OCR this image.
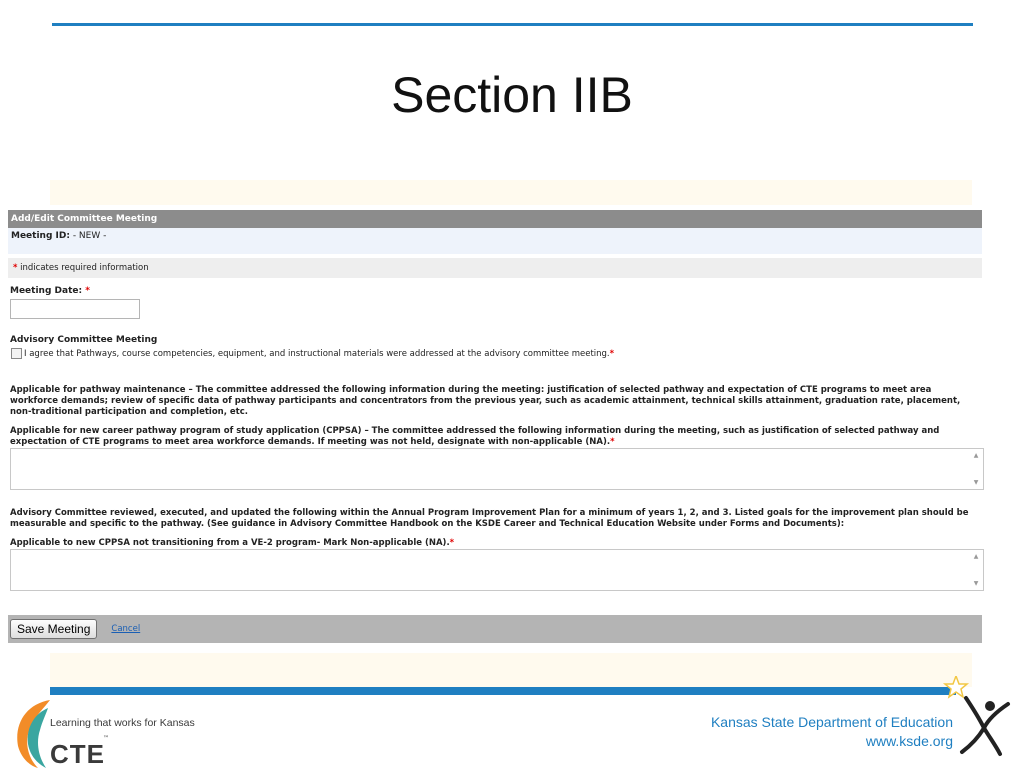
Section IIB
Add/Edit Committee Meeting
Meeting ID: - NEW -
* indicates required information
Meeting Date: *
Advisory Committee Meeting
I agree that Pathways, course competencies, equipment, and instructional materials were addressed at the advisory committee meeting. *
Applicable for pathway maintenance – The committee addressed the following information during the meeting: justification of selected pathway and expectation of CTE programs to meet area workforce demands; review of specific data of pathway participants and concentrators from the previous year, such as academic attainment, technical skills attainment, graduation rate, placement, non-traditional participation and completion, etc.
Applicable for new career pathway program of study application (CPPSA) – The committee addressed the following information during the meeting, such as justification of selected pathway and expectation of CTE programs to meet area workforce demands. If meeting was not held, designate with non-applicable (NA).*
▲
▼
Advisory Committee reviewed, executed, and updated the following within the Annual Program Improvement Plan for a minimum of years 1, 2, and 3. Listed goals for the improvement plan should be measurable and specific to the pathway. (See guidance in Advisory Committee Handbook on the KSDE Career and Technical Education Website under Forms and Documents):
Applicable to new CPPSA not transitioning from a VE-2 program- Mark Non-applicable (NA).*
▲
▼
Save Meeting	Cancel
Learning that works for Kansas
CTE
™
Kansas State Department of Education
www.ksde.org
